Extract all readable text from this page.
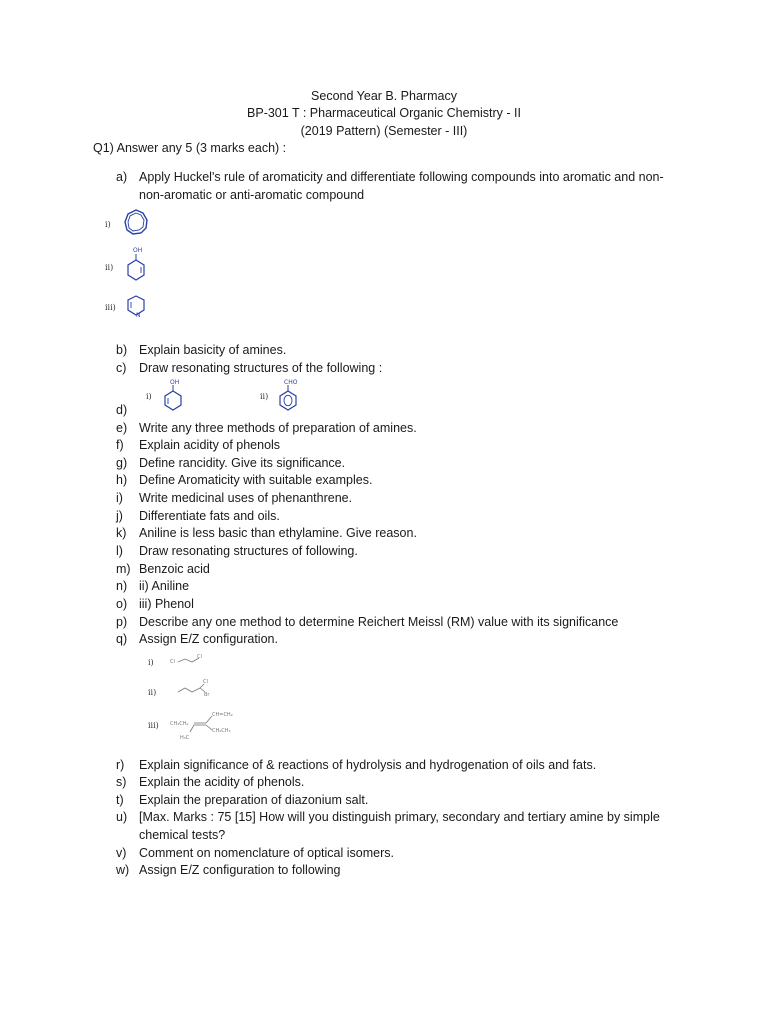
Second Year B. Pharmacy
BP-301 T : Pharmaceutical Organic Chemistry - II
(2019 Pattern) (Semester - III)
Q1) Answer any 5 (3 marks each) :
a) Apply Huckel's rule of aromaticity and differentiate following compounds into aromatic and non-non-aromatic or anti-aromatic compound
i)
ii)
iii)
OH
N
b) Explain basicity of amines.
c)	Draw resonating structures of the following :
i)	ii)
OH	CHO
d)
e) Write any three methods of preparation of amines.
f)	Explain acidity of phenols
g) Define rancidity. Give its significance.
h) Define Aromaticity with suitable examples.
i)	Write medicinal uses of phenanthrene.
j)	Differentiate fats and oils.
k)	Aniline is less basic than ethylamine. Give reason.
l)	Draw resonating structures of following.
m) Benzoic acid
n) ii) Aniline
o) iii) Phenol
p) Describe any one method to determine Reichert Meissl (RM) value with its significance
q) Assign E/Z configuration.
i)
ii)
iii)
Cl
Cl
Cl
Br
CH₃CH₂
CH=CH₂
CH₂CH₃
H₃C
r)	Explain significance of & reactions of hydrolysis and hydrogenation of oils and fats.
s)	Explain the acidity of phenols.
t)	Explain the preparation of diazonium salt.
u) [Max. Marks : 75 [15] How will you distinguish primary, secondary and tertiary amine by simple chemical tests?
v)	Comment on nomenclature of optical isomers.
w) Assign E/Z configuration to following
